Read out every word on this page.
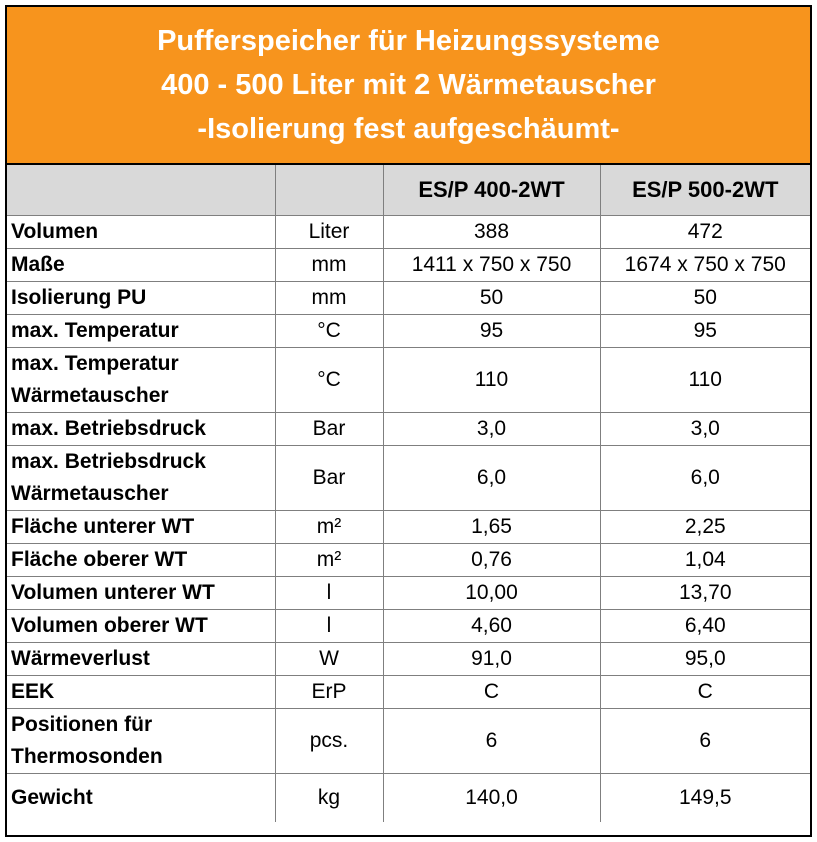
Pufferspeicher für Heizungssysteme
400 - 500 Liter mit 2 Wärmetauscher
-Isolierung fest aufgeschäumt-
		ES/P 400-2WT	ES/P 500-2WT
Volumen	Liter	388	472
Maße	mm	1411 x 750 x 750	1674 x 750 x 750
Isolierung PU	mm	50	50
max. Temperatur	°C	95	95

max. Temperatur
Wärmetauscher	°C	110	110
max. Betriebsdruck	Bar	3,0	3,0

max. Betriebsdruck
Wärmetauscher	Bar	6,0	6,0
Fläche unterer WT	m²	1,65	2,25
Fläche oberer WT	m²	0,76	1,04
Volumen unterer WT	l	10,00	13,70
Volumen oberer WT	l	4,60	6,40
Wärmeverlust	W	91,0	95,0
EEK	ErP	C	C

Positionen für
Thermosonden	pcs.	6	6
Gewicht	kg	140,0	149,5
